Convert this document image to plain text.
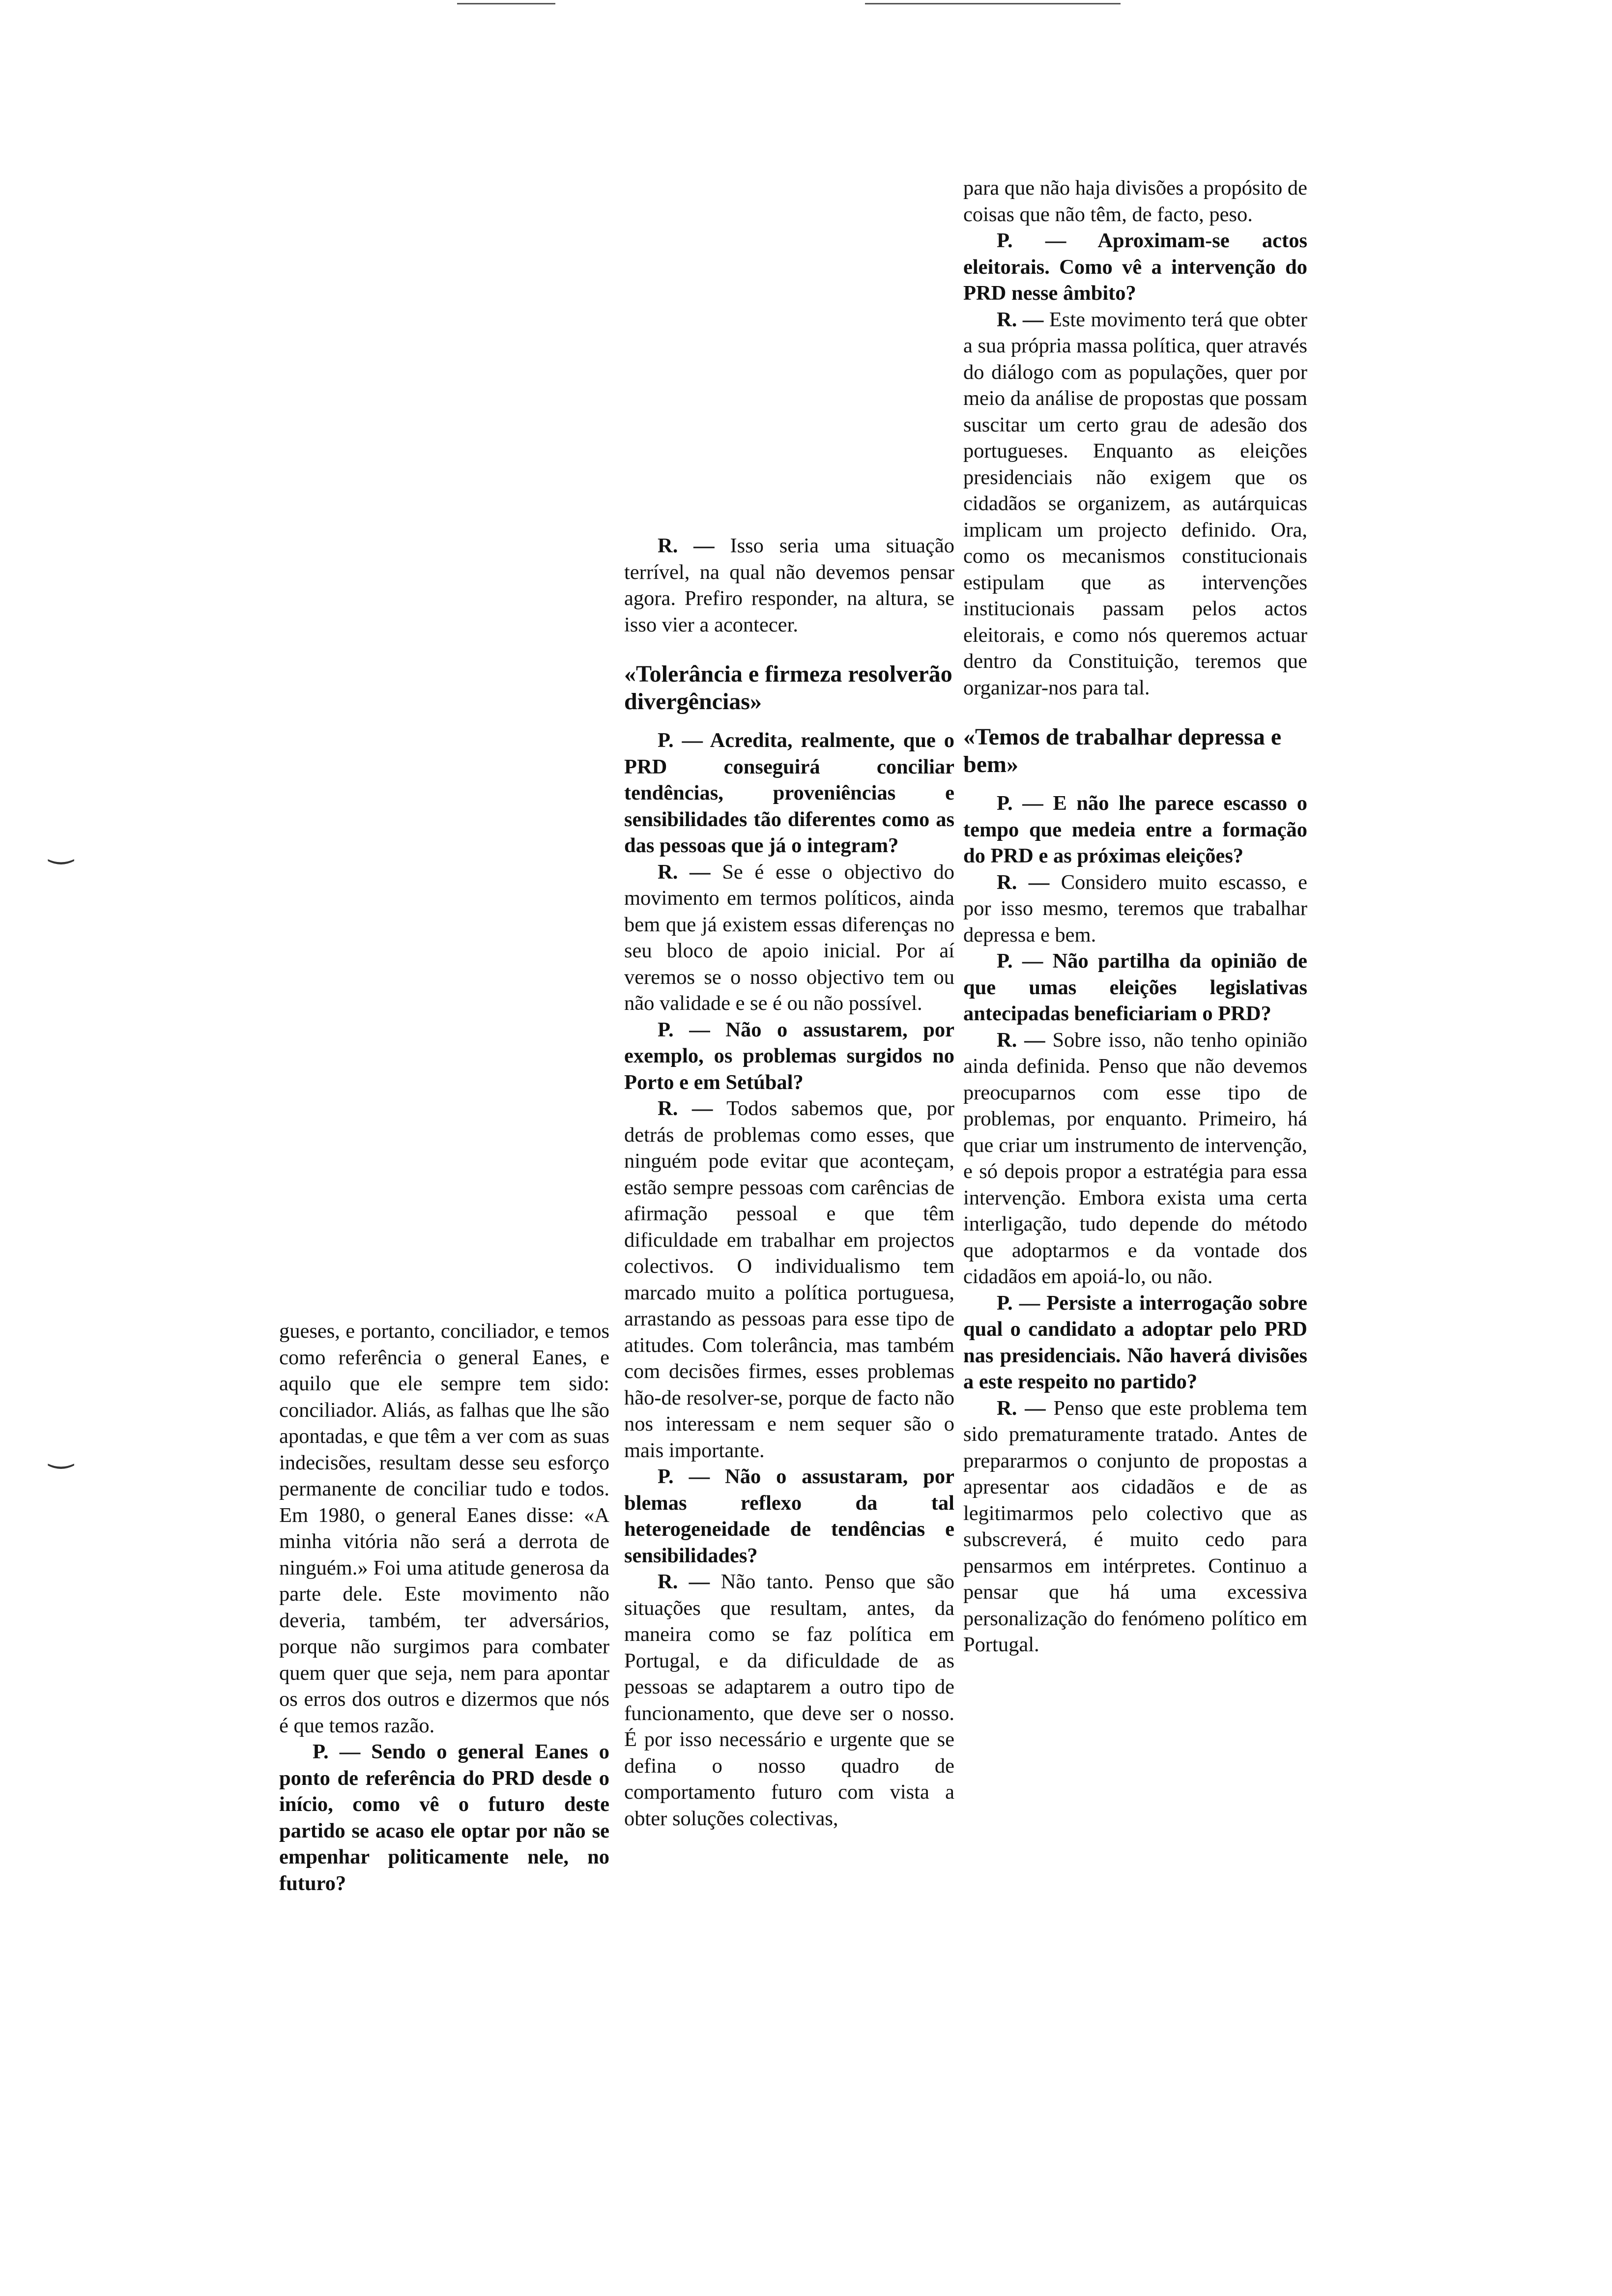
‿
‿

gueses, e portanto, conciliador, e temos como referência o general Eanes, e aquilo que ele sempre tem sido: conciliador. Aliás, as falhas que lhe são apontadas, e que têm a ver com as suas indecisões, resultam desse seu esforço permanente de conciliar tudo e todos. Em 1980, o general Eanes disse: «A minha vitória não será a derrota de ninguém.» Foi uma atitude generosa da parte dele. Este movimento não deveria, também, ter adversários, porque não surgimos para combater quem quer que seja, nem para apontar os erros dos outros e dizermos que nós é que temos razão.

P. — Sendo o general Eanes o ponto de referência do PRD desde o início, como vê o futuro deste partido se acaso ele optar por não se empenhar politicamente nele, no futuro?

R. — Isso seria uma situação terrível, na qual não devemos pensar agora. Prefiro responder, na altura, se isso vier a acontecer.

«Tolerância e firmeza resolverão divergências»

P. — Acredita, realmente, que o PRD conseguirá conciliar tendências, proveniências e sensibilidades tão diferentes como as das pessoas que já o integram?

R. — Se é esse o objectivo do movimento em termos políticos, ainda bem que já existem essas diferenças no seu bloco de apoio inicial. Por aí veremos se o nosso objectivo tem ou não validade e se é ou não possível.

P. — Não o assustarem, por exemplo, os problemas surgidos no Porto e em Setúbal?

R. — Todos sabemos que, por detrás de problemas como esses, que ninguém pode evitar que aconteçam, estão sempre pessoas com carências de afirmação pessoal e que têm dificuldade em trabalhar em projectos colectivos. O individualismo tem marcado muito a política portuguesa, arrastando as pessoas para esse tipo de atitudes. Com tolerância, mas também com decisões firmes, esses problemas hão-de resolver-se, porque de facto não nos interessam e nem sequer são o mais importante.

P. — Não o assustaram, por blemas reflexo da tal heterogeneidade de tendências e sensibilidades?

R. — Não tanto. Penso que são situações que resultam, antes, da maneira como se faz política em Portugal, e da dificuldade de as pessoas se adaptarem a outro tipo de funcionamento, que deve ser o nosso. É por isso necessário e urgente que se defina o nosso quadro de comportamento futuro com vista a obter soluções colectivas,

para que não haja divisões a propósito de coisas que não têm, de facto, peso.

P. — Aproximam-se actos eleitorais. Como vê a intervenção do PRD nesse âmbito?

R. — Este movimento terá que obter a sua própria massa política, quer através do diálogo com as populações, quer por meio da análise de propostas que possam suscitar um certo grau de adesão dos portugueses. Enquanto as eleições presidenciais não exigem que os cidadãos se organizem, as autárquicas implicam um projecto definido. Ora, como os mecanismos constitucionais estipulam que as intervenções institucionais passam pelos actos eleitorais, e como nós queremos actuar dentro da Constituição, teremos que organizar-nos para tal.

«Temos de trabalhar depressa e bem»

P. — E não lhe parece escasso o tempo que medeia entre a formação do PRD e as próximas eleições?

R. — Considero muito escasso, e por isso mesmo, teremos que trabalhar depressa e bem.

P. — Não partilha da opinião de que umas eleições legislativas antecipadas beneficiariam o PRD?

R. — Sobre isso, não tenho opinião ainda definida. Penso que não devemos preocuparnos com esse tipo de problemas, por enquanto. Primeiro, há que criar um instrumento de intervenção, e só depois propor a estratégia para essa intervenção. Embora exista uma certa interligação, tudo depende do método que adoptarmos e da vontade dos cidadãos em apoiá-lo, ou não.

P. — Persiste a interrogação sobre qual o candidato a adoptar pelo PRD nas presidenciais. Não haverá divisões a este respeito no partido?

R. — Penso que este problema tem sido prematuramente tratado. Antes de prepararmos o conjunto de propostas a apresentar aos cidadãos e de as legitimarmos pelo colectivo que as subscreverá, é muito cedo para pensarmos em intérpretes. Continuo a pensar que há uma excessiva personalização do fenómeno político em Portugal.
